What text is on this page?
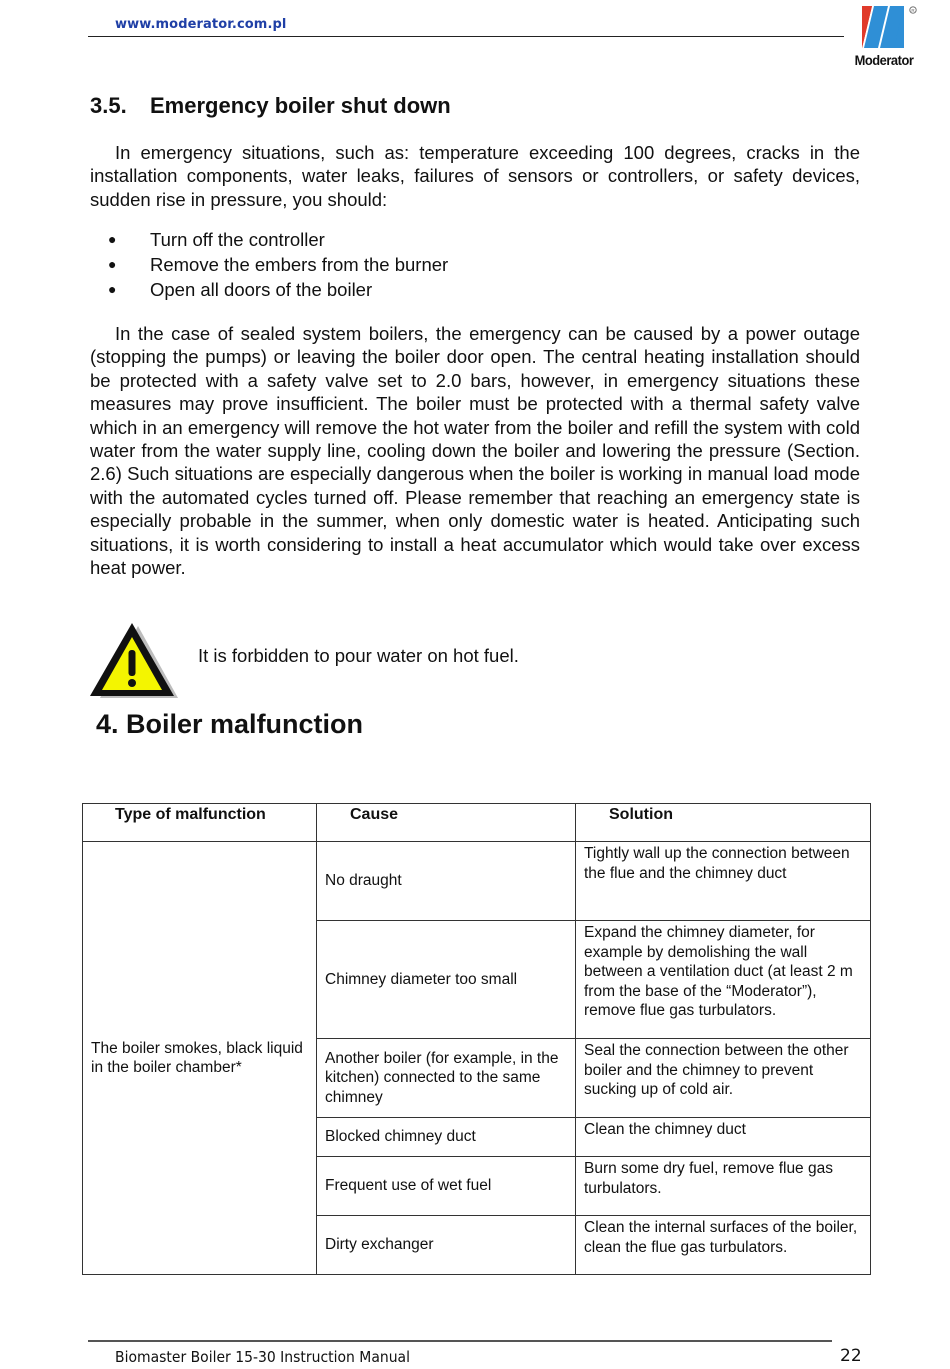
www.moderator.com.pl
R
Moderator
3.5. Emergency boiler shut down
In emergency situations, such as: temperature exceeding 100 degrees, cracks in the installation components, water leaks, failures of sensors or controllers, or safety devices, sudden rise in pressure, you should:
● Turn off the controller
● Remove the embers from the burner
● Open all doors of the boiler
In the case of sealed system boilers, the emergency can be caused by a power outage (stopping the pumps) or leaving the boiler door open. The central heating installation should be protected with a safety valve set to 2.0 bars, however, in emergency situations these measures may prove insufficient. The boiler must be protected with a thermal safety valve which in an emergency will remove the hot water from the boiler and refill the system with cold water from the water supply line, cooling down the boiler and lowering the pressure (Section. 2.6) Such situations are especially dangerous when the boiler is working in manual load mode with the automated cycles turned off. Please remember that reaching an emergency state is especially probable in the summer, when only domestic water is heated. Anticipating such situations, it is worth considering to install a heat accumulator which would take over excess heat power.
It is forbidden to pour water on hot fuel.
4. Boiler malfunction
Type of malfunction	Cause	Solution
The boiler smokes, black liquid in the boiler chamber*	No draught	Tightly wall up the connection between the flue and the chimney duct
	Chimney diameter too small	Expand the chimney diameter, for example by demolishing the wall between a ventilation duct (at least 2 m from the base of the “Moderator”), remove flue gas turbulators.
	Another boiler (for example, in the kitchen) connected to the same chimney	Seal the connection between the other boiler and the chimney to prevent sucking up of cold air.
	Blocked chimney duct	Clean the chimney duct
	Frequent use of wet fuel	Burn some dry fuel, remove flue gas turbulators.
	Dirty exchanger	Clean the internal surfaces of the boiler, clean the flue gas turbulators.
Biomaster Boiler 15-30 Instruction Manual	22
